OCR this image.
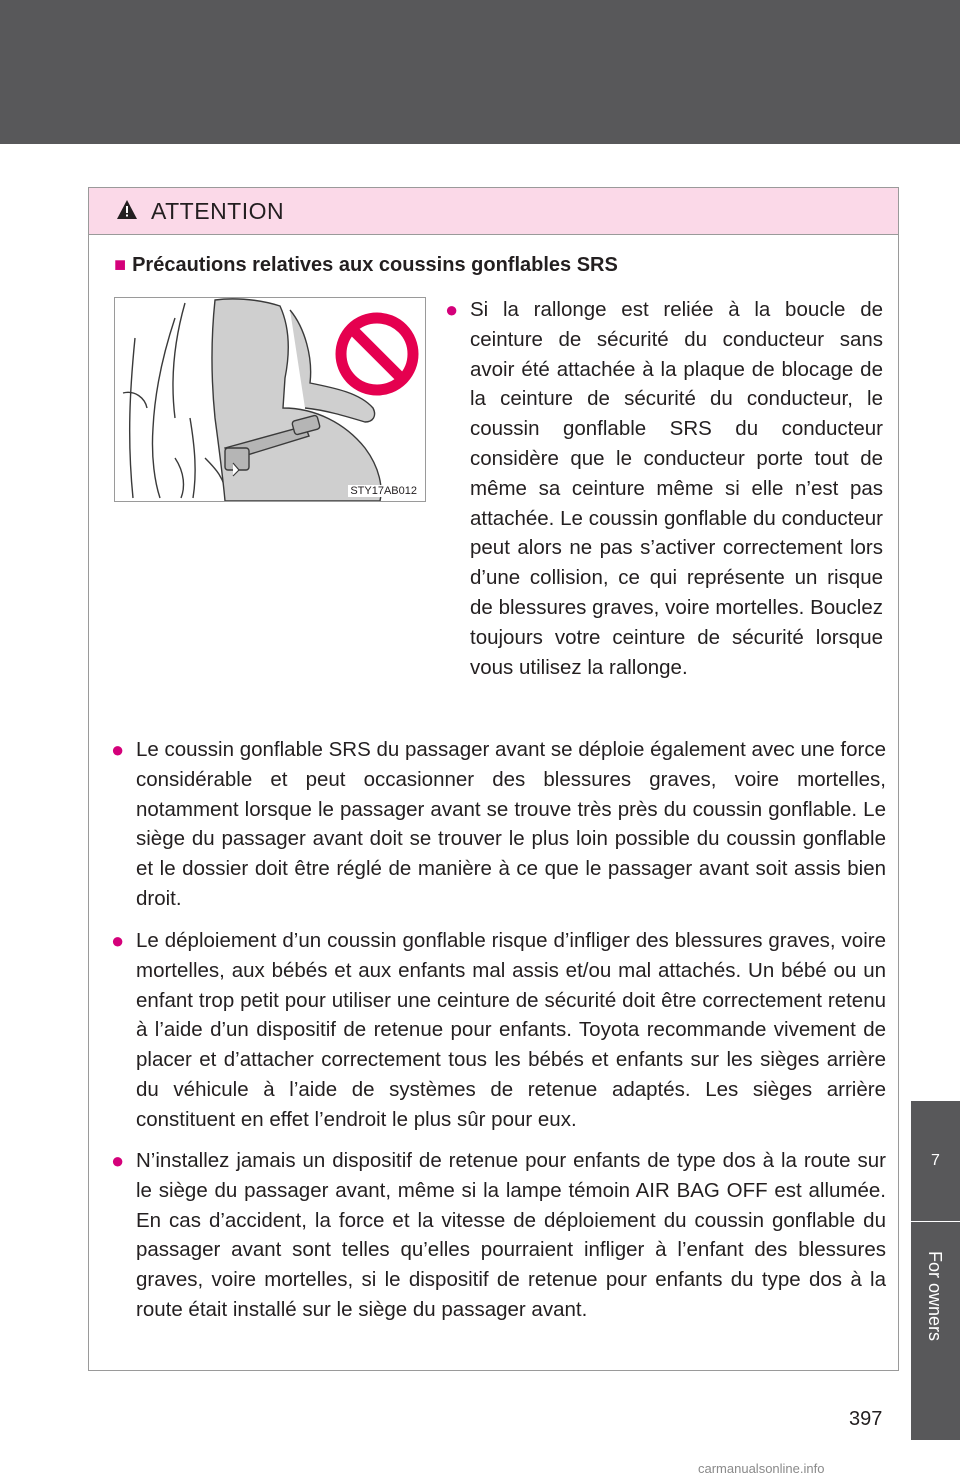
7
For owners
ATTENTION
■ Précautions relatives aux coussins gonflables SRS
STY17AB012
● Si la rallonge est reliée à la boucle de ceinture de sécurité du conducteur sans avoir été attachée à la plaque de blocage de la ceinture de sécurité du conducteur, le coussin gonflable SRS du conducteur considère que le conducteur porte tout de même sa ceinture même si elle n’est pas attachée. Le coussin gonflable du conducteur peut alors ne pas s’activer correctement lors d’une collision, ce qui représente un risque de blessures graves, voire mortelles. Bouclez toujours votre ceinture de sécurité lorsque vous utilisez la rallonge.
● Le coussin gonflable SRS du passager avant se déploie également avec une force considérable et peut occasionner des blessures graves, voire mortelles, notamment lorsque le passager avant se trouve très près du coussin gonflable. Le siège du passager avant doit se trouver le plus loin possible du coussin gonflable et le dossier doit être réglé de manière à ce que le passager avant soit assis bien droit.
● Le déploiement d’un coussin gonflable risque d’infliger des blessures graves, voire mortelles, aux bébés et aux enfants mal assis et/ou mal attachés. Un bébé ou un enfant trop petit pour utiliser une ceinture de sécurité doit être correctement retenu à l’aide d’un dispositif de retenue pour enfants. Toyota recommande vivement de placer et d’attacher correctement tous les bébés et enfants sur les sièges arrière du véhicule à l’aide de systèmes de retenue adaptés. Les sièges arrière constituent en effet l’endroit le plus sûr pour eux.
● N’installez jamais un dispositif de retenue pour enfants de type dos à la route sur le siège du passager avant, même si la lampe témoin AIR BAG OFF est allumée. En cas d’accident, la force et la vitesse de déploiement du coussin gonflable du passager avant sont telles qu’elles pourraient infliger à l’enfant des blessures graves, voire mortelles, si le dispositif de retenue pour enfants du type dos à la route était installé sur le siège du passager avant.
397
carmanualsonline.info
